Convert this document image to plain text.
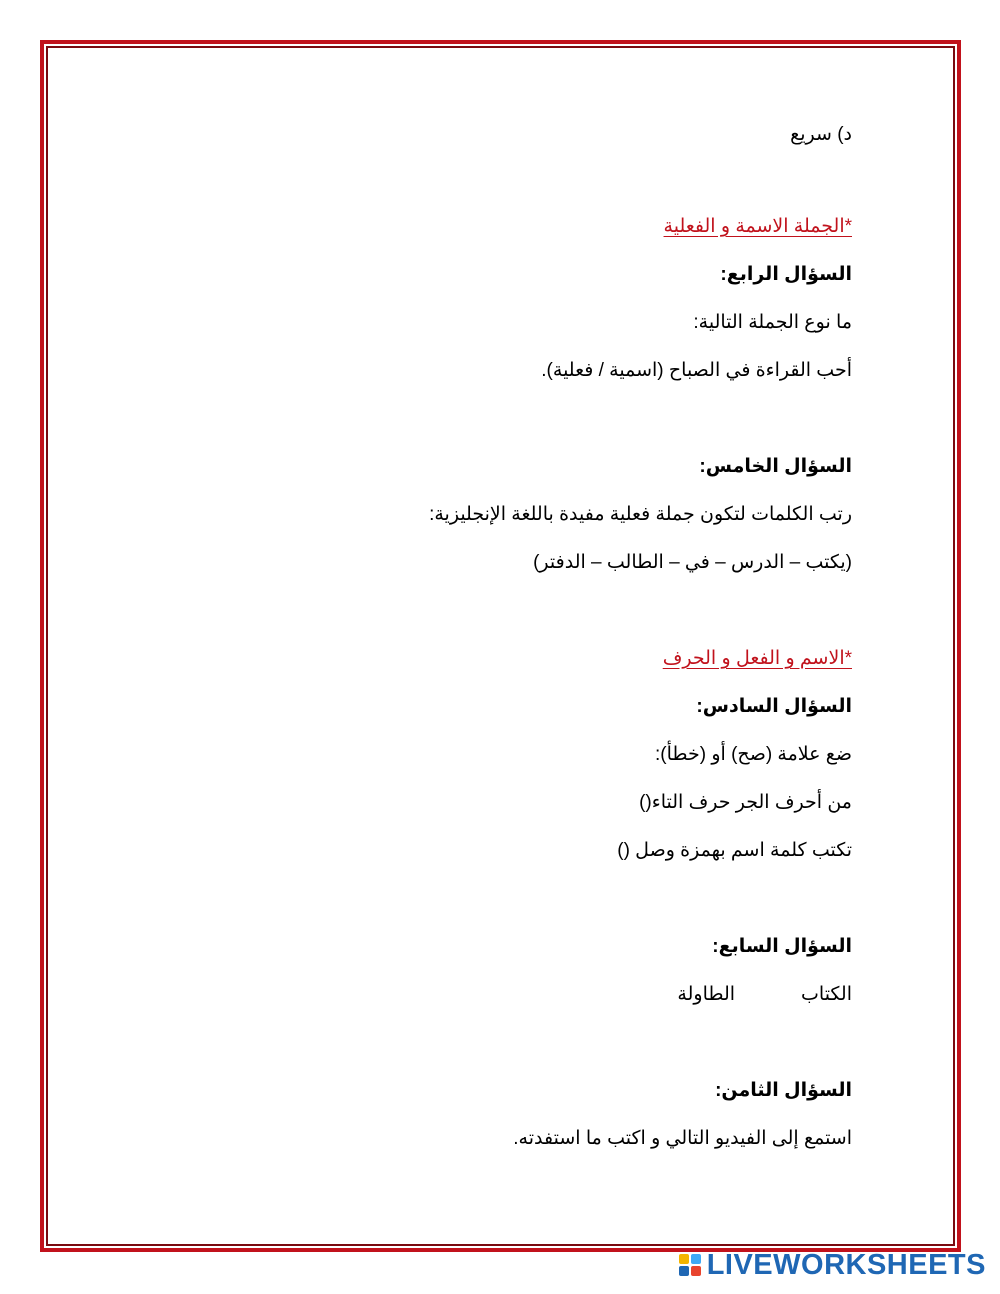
د) سريع
*الجملة الاسمة و الفعلية
السؤال الرابع:
ما نوع الجملة التالية:
أحب القراءة في الصباح (اسمية / فعلية).
السؤال الخامس:
رتب الكلمات لتكون جملة فعلية مفيدة باللغة الإنجليزية:
(يكتب – الدرس – في – الطالب – الدفتر)
*الاسم و الفعل و الحرف
السؤال السادس:
ضع علامة (صح) أو (خطأ):
من أحرف الجر حرف التاء()
تكتب كلمة اسم بهمزة وصل ()
السؤال السابع:
الكتاب
الطاولة
السؤال الثامن:
استمع إلى الفيديو التالي و اكتب ما استفدته.
LIVEWORKSHEETS
